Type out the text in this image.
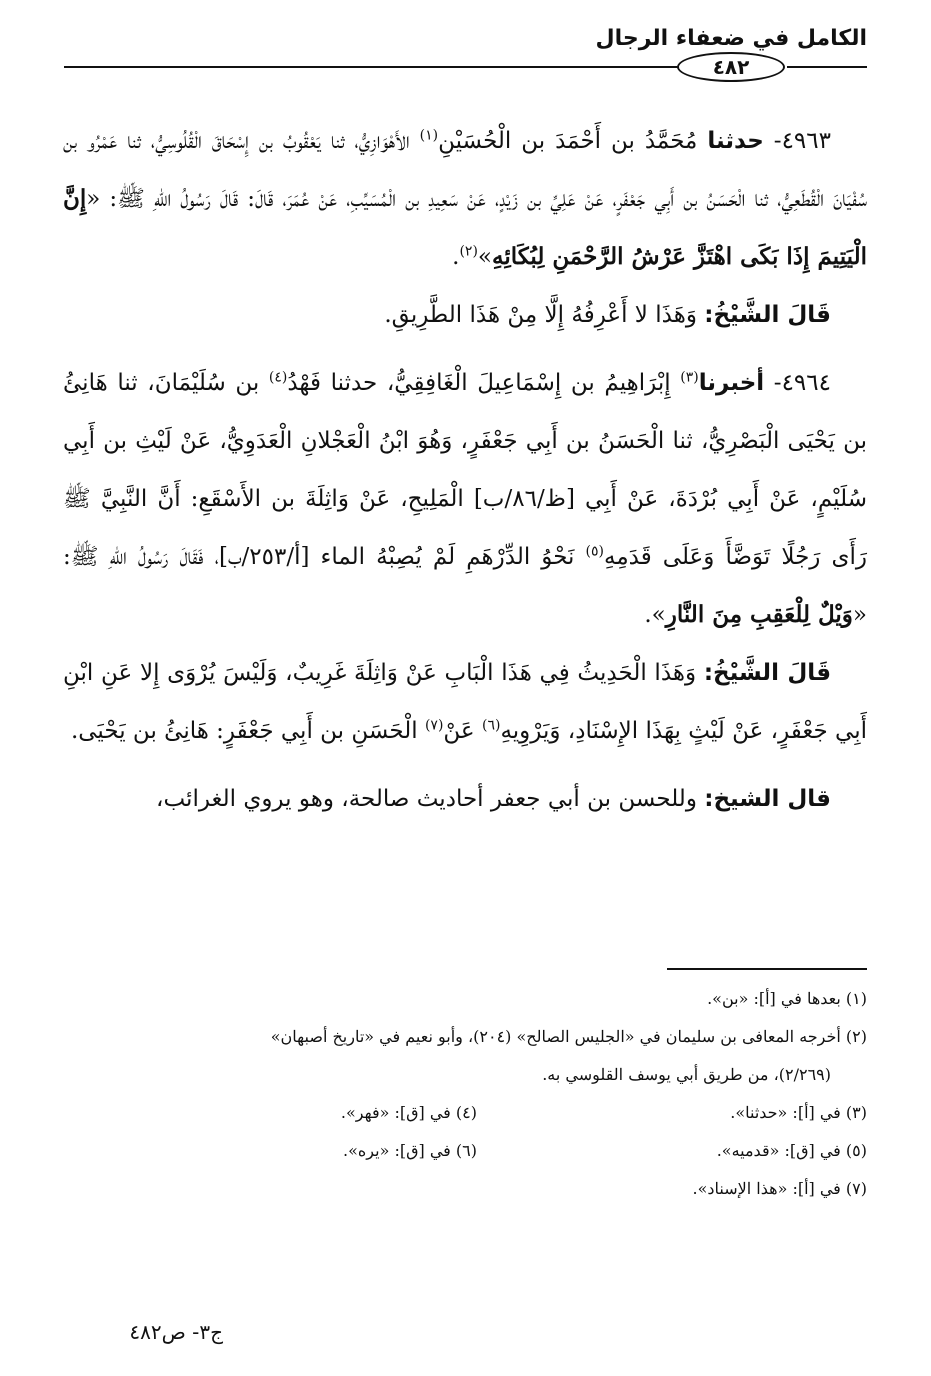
الكامل في ضعفاء الرجال
٤٨٢

٤٩٦٣- حدثنا مُحَمَّدُ بن أَحْمَدَ بن الْحُسَيْنِ$^{(١)}$ الأَهْوَازِيُّ، ثنا يَعْقُوبُ بن إِسْحَاقَ الْقُلُوسِيُّ، ثنا عَمْرُو بن سُفْيَانَ الْقُطَعِيُّ، ثنا الْحَسَنُ بن أَبِي جَعْفَرٍ، عَنْ عَلِيِّ بن زَيْدٍ، عَنْ سَعِيدِ بن الْمُسَيِّبِ، عَنْ عُمَرَ، قَالَ: قَالَ رَسُولُ اللهِ ﷺ: «إِنَّ الْيَتِيمَ إِذَا بَكَى اهْتَزَّ عَرْشُ الرَّحْمَنِ لِبُكَائِهِ»$^{(٢)}$.

قَالَ الشَّيْخُ: وَهَذَا لا أَعْرِفُهُ إِلَّا مِنْ هَذَا الطَّرِيقِ.

٤٩٦٤- أخبرنا$^{(٣)}$ إِبْرَاهِيمُ بن إِسْمَاعِيلَ الْغَافِقِيُّ، حدثنا فَهْدُ$^{(٤)}$ بن سُلَيْمَانَ، ثنا هَانِئُ بن يَحْيَى الْبَصْرِيُّ، ثنا الْحَسَنُ بن أَبِي جَعْفَرٍ، وَهُوَ ابْنُ الْعَجْلانِ الْعَدَوِيُّ، عَنْ لَيْثِ بن أَبِي سُلَيْمٍ، عَنْ أَبِي بُرْدَةَ، عَنْ أَبِي [ظ/٨٦/ب] الْمَلِيحِ، عَنْ وَاثِلَةَ بن الأَسْقَعِ: أَنَّ النَّبِيَّ ﷺ رَأَى رَجُلًا تَوَضَّأَ وَعَلَى قَدَمِهِ$^{(٥)}$ نَحْوُ الدِّرْهَمِ لَمْ يُصِبْهُ الماء [أ/٢٥٣/ب]، فَقَالَ رَسُولُ اللهِ ﷺ: «وَيْلٌ لِلْعَقِبِ مِنَ النَّارِ».

قَالَ الشَّيْخُ: وَهَذَا الْحَدِيثُ فِي هَذَا الْبَابِ عَنْ وَاثِلَةَ غَرِيبٌ، وَلَيْسَ يُرْوَى إِلا عَنِ ابْنِ أَبِي جَعْفَرٍ، عَنْ لَيْثٍ بِهَذَا الإِسْنَادِ، وَيَرْوِيهِ$^{(٦)}$ عَنْ$^{(٧)}$ الْحَسَنِ بن أَبِي جَعْفَرٍ: هَانِئُ بن يَحْيَى.

قال الشيخ: وللحسن بن أبي جعفر أحاديث صالحة، وهو يروي الغرائب،

(١) بعدها في [أ]: «بن».

(٢) أخرجه المعافى بن سليمان في «الجليس الصالح» (٢٠٤)، وأبو نعيم في «تاريخ أصبهان»

(٢/٢٦٩)، من طريق أبي يوسف القلوسي به.

(٣) في [أ]: «حدثنا».

(٤) في [ق]: «فهر».

(٥) في [ق]: «قدميه».

(٦) في [ق]: «يره».

(٧) في [أ]: «هذا الإسناد».

ج٣- ص٤٨٢
